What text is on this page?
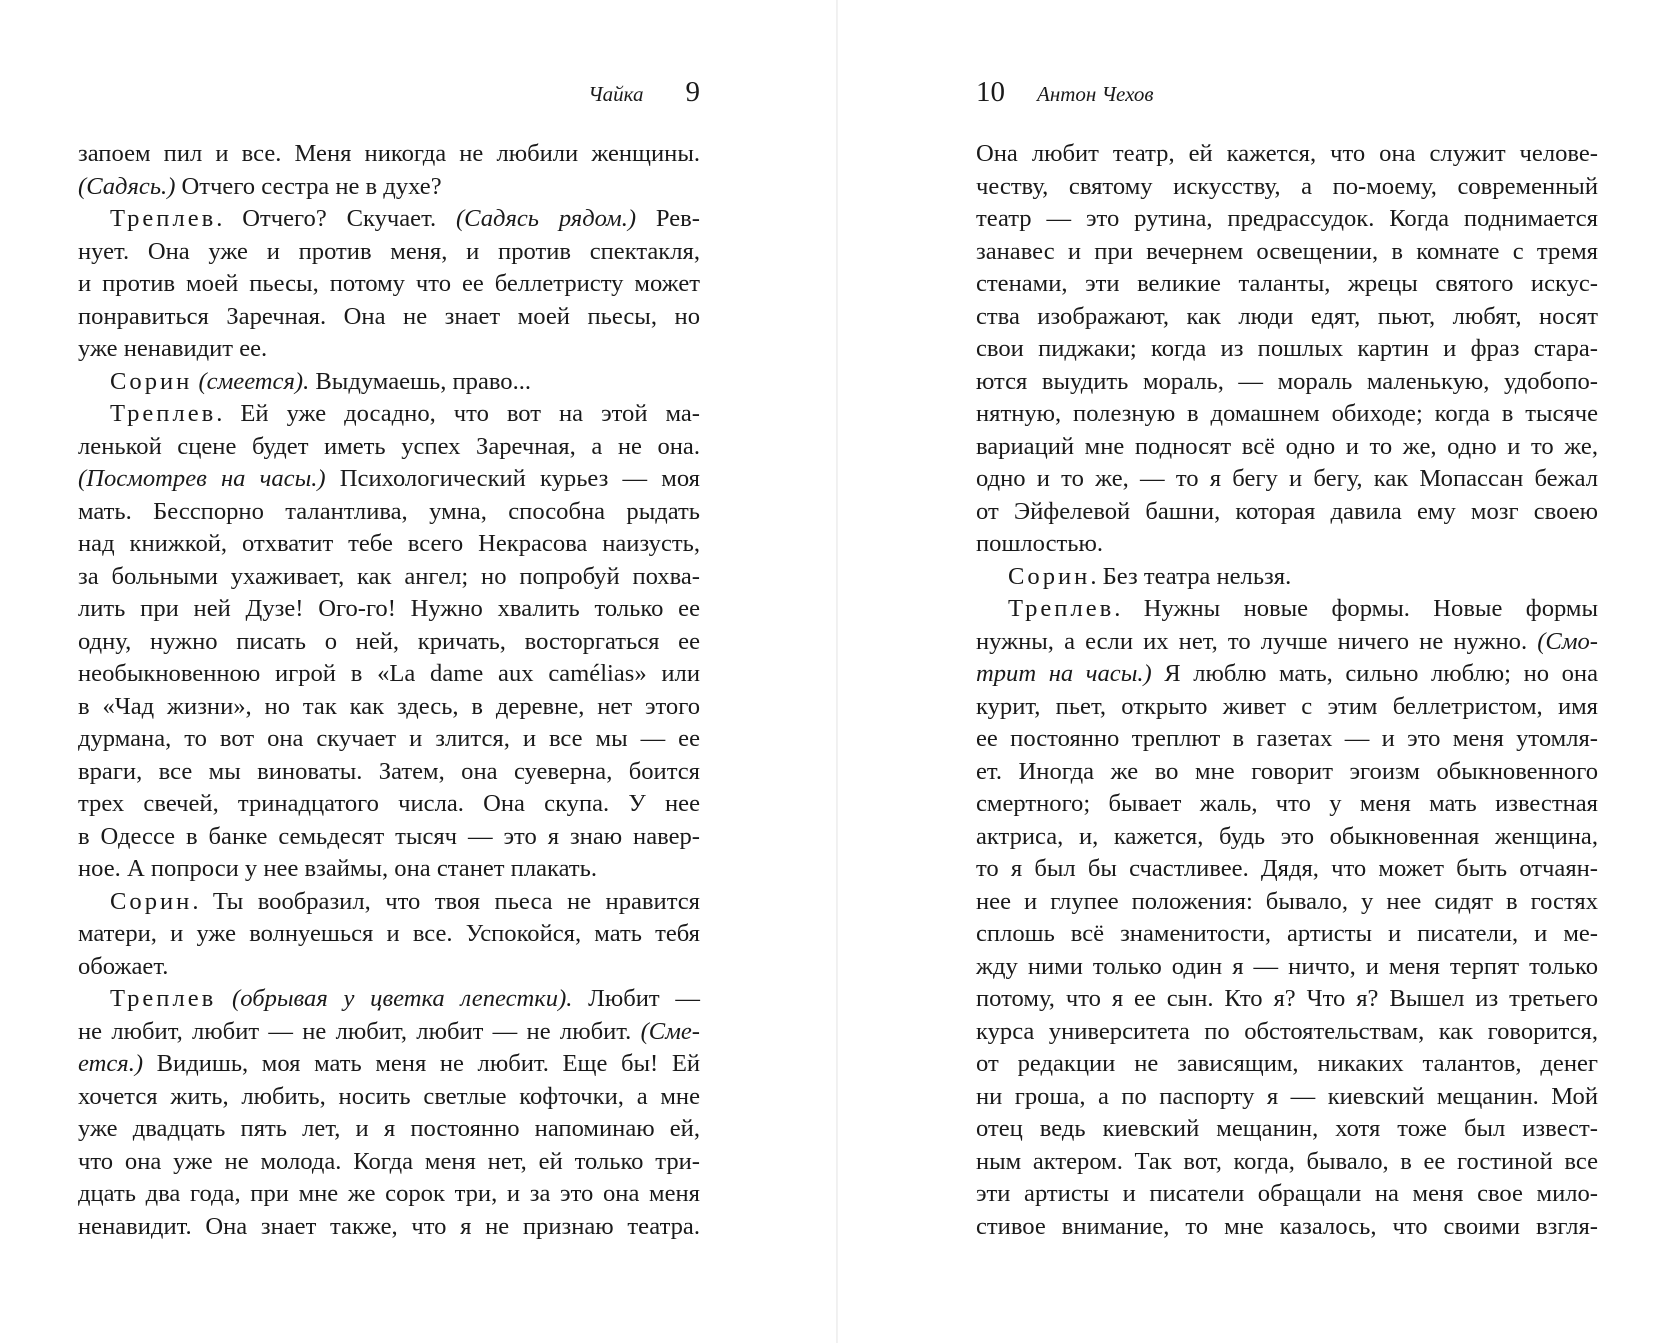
Чайка 9
запоем пил и все. Меня никогда не любили женщины.
(Садясь.) Отчего сестра не в духе?
Треплев. Отчего? Скучает. (Садясь рядом.) Рев-
нует. Она уже и против меня, и против спектакля,
и против моей пьесы, потому что ее беллетристу может
понравиться Заречная. Она не знает моей пьесы, но
уже ненавидит ее.
Сорин (смеется). Выдумаешь, право...
Треплев. Ей уже досадно, что вот на этой ма-
ленькой сцене будет иметь успех Заречная, а не она.
(Посмотрев на часы.) Психологический курьез — моя
мать. Бесспорно талантлива, умна, способна рыдать
над книжкой, отхватит тебе всего Некрасова наизусть,
за больными ухаживает, как ангел; но попробуй похва-
лить при ней Дузе! Ого-го! Нужно хвалить только ее
одну, нужно писать о ней, кричать, восторгаться ее
необыкновенною игрой в «La dame aux camélias» или
в «Чад жизни», но так как здесь, в деревне, нет этого
дурмана, то вот она скучает и злится, и все мы — ее
враги, все мы виноваты. Затем, она суеверна, боится
трех свечей, тринадцатого числа. Она скупа. У нее
в Одессе в банке семьдесят тысяч — это я знаю навер-
ное. А попроси у нее взаймы, она станет плакать.
Сорин. Ты вообразил, что твоя пьеса не нравится
матери, и уже волнуешься и все. Успокойся, мать тебя
обожает.
Треплев (обрывая у цветка лепестки). Любит —
не любит, любит — не любит, любит — не любит. (Сме-
ется.) Видишь, моя мать меня не любит. Еще бы! Ей
хочется жить, любить, носить светлые кофточки, а мне
уже двадцать пять лет, и я постоянно напоминаю ей,
что она уже не молода. Когда меня нет, ей только три-
дцать два года, при мне же сорок три, и за это она меня
ненавидит. Она знает также, что я не признаю театра.
10 Антон Чехов
Она любит театр, ей кажется, что она служит челове-
честву, святому искусству, а по-моему, современный
театр — это рутина, предрассудок. Когда поднимается
занавес и при вечернем освещении, в комнате с тремя
стенами, эти великие таланты, жрецы святого искус-
ства изображают, как люди едят, пьют, любят, носят
свои пиджаки; когда из пошлых картин и фраз стара-
ются выудить мораль, — мораль маленькую, удобопо-
нятную, полезную в домашнем обиходе; когда в тысяче
вариаций мне подносят всё одно и то же, одно и то же,
одно и то же, — то я бегу и бегу, как Мопассан бежал
от Эйфелевой башни, которая давила ему мозг своею
пошлостью.
Сорин. Без театра нельзя.
Треплев. Нужны новые формы. Новые формы
нужны, а если их нет, то лучше ничего не нужно. (Смо-
трит на часы.) Я люблю мать, сильно люблю; но она
курит, пьет, открыто живет с этим беллетристом, имя
ее постоянно треплют в газетах — и это меня утомля-
ет. Иногда же во мне говорит эгоизм обыкновенного
смертного; бывает жаль, что у меня мать известная
актриса, и, кажется, будь это обыкновенная женщина,
то я был бы счастливее. Дядя, что может быть отчаян-
нее и глупее положения: бывало, у нее сидят в гостях
сплошь всё знаменитости, артисты и писатели, и ме-
жду ними только один я — ничто, и меня терпят только
потому, что я ее сын. Кто я? Что я? Вышел из третьего
курса университета по обстоятельствам, как говорится,
от редакции не зависящим, никаких талантов, денег
ни гроша, а по паспорту я — киевский мещанин. Мой
отец ведь киевский мещанин, хотя тоже был извест-
ным актером. Так вот, когда, бывало, в ее гостиной все
эти артисты и писатели обращали на меня свое мило-
стивое внимание, то мне казалось, что своими взгля-
